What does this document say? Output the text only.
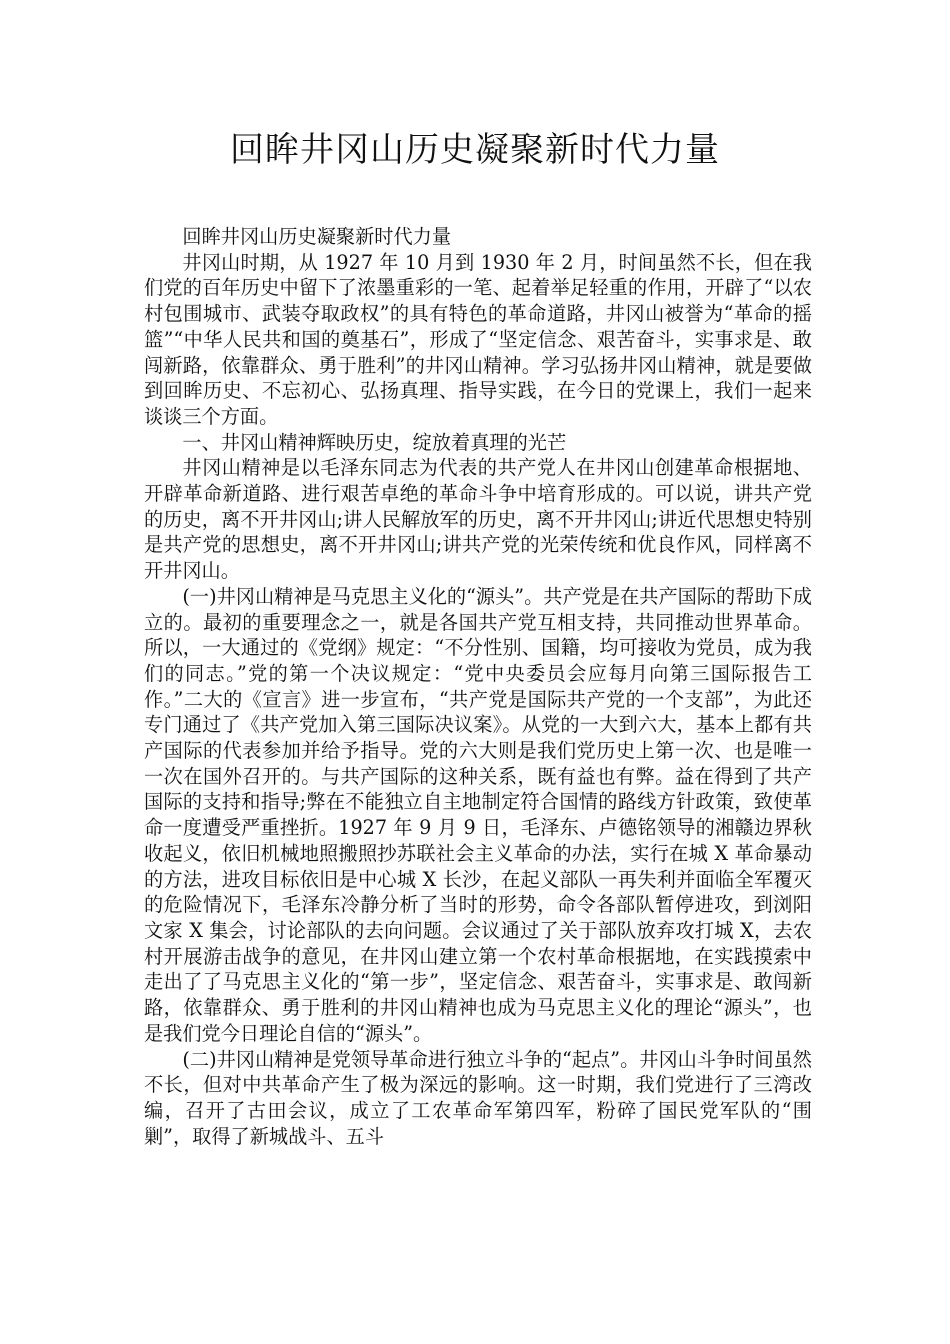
回眸井冈山历史凝聚新时代力量

回眸井冈山历史凝聚新时代力量

井冈山时期，从 1927 年 10 月到 1930 年 2 月，时间虽然不长，但在我们党的百年历史中留下了浓墨重彩的一笔、起着举足轻重的作用，开辟了“以农村包围城市、武装夺取政权”的具有特色的革命道路，井冈山被誉为“革命的摇篮”“中华人民共和国的奠基石”，形成了“坚定信念、艰苦奋斗，实事求是、敢闯新路，依靠群众、勇于胜利”的井冈山精神。学习弘扬井冈山精神，就是要做到回眸历史、不忘初心、弘扬真理、指导实践，在今日的党课上，我们一起来谈谈三个方面。

一、井冈山精神辉映历史，绽放着真理的光芒

井冈山精神是以毛泽东同志为代表的共产党人在井冈山创建革命根据地、开辟革命新道路、进行艰苦卓绝的革命斗争中培育形成的。可以说，讲共产党的历史，离不开井冈山;讲人民解放军的历史，离不开井冈山;讲近代思想史特别是共产党的思想史，离不开井冈山;讲共产党的光荣传统和优良作风，同样离不开井冈山。

(一)井冈山精神是马克思主义化的“源头”。共产党是在共产国际的帮助下成立的。最初的重要理念之一，就是各国共产党互相支持，共同推动世界革命。所以，一大通过的《党纲》规定：“不分性别、国籍，均可接收为党员，成为我们的同志。”党的第一个决议规定：“党中央委员会应每月向第三国际报告工作。”二大的《宣言》进一步宣布，“共产党是国际共产党的一个支部”，为此还专门通过了《共产党加入第三国际决议案》。从党的一大到六大，基本上都有共产国际的代表参加并给予指导。党的六大则是我们党历史上第一次、也是唯一一次在国外召开的。与共产国际的这种关系，既有益也有弊。益在得到了共产国际的支持和指导;弊在不能独立自主地制定符合国情的路线方针政策，致使革命一度遭受严重挫折。1927 年 9 月 9 日，毛泽东、卢德铭领导的湘赣边界秋收起义，依旧机械地照搬照抄苏联社会主义革命的办法，实行在城 X 革命暴动的方法，进攻目标依旧是中心城 X 长沙，在起义部队一再失利并面临全军覆灭的危险情况下，毛泽东冷静分析了当时的形势，命令各部队暂停进攻，到浏阳文家 X 集会，讨论部队的去向问题。会议通过了关于部队放弃攻打城 X，去农村开展游击战争的意见，在井冈山建立第一个农村革命根据地，在实践摸索中走出了了马克思主义化的“第一步”，坚定信念、艰苦奋斗，实事求是、敢闯新路，依靠群众、勇于胜利的井冈山精神也成为马克思主义化的理论“源头”，也是我们党今日理论自信的“源头”。

(二)井冈山精神是党领导革命进行独立斗争的“起点”。井冈山斗争时间虽然不长，但对中共革命产生了极为深远的影响。这一时期，我们党进行了三湾改编，召开了古田会议，成立了工农革命军第四军，粉碎了国民党军队的“围剿”，取得了新城战斗、五斗
